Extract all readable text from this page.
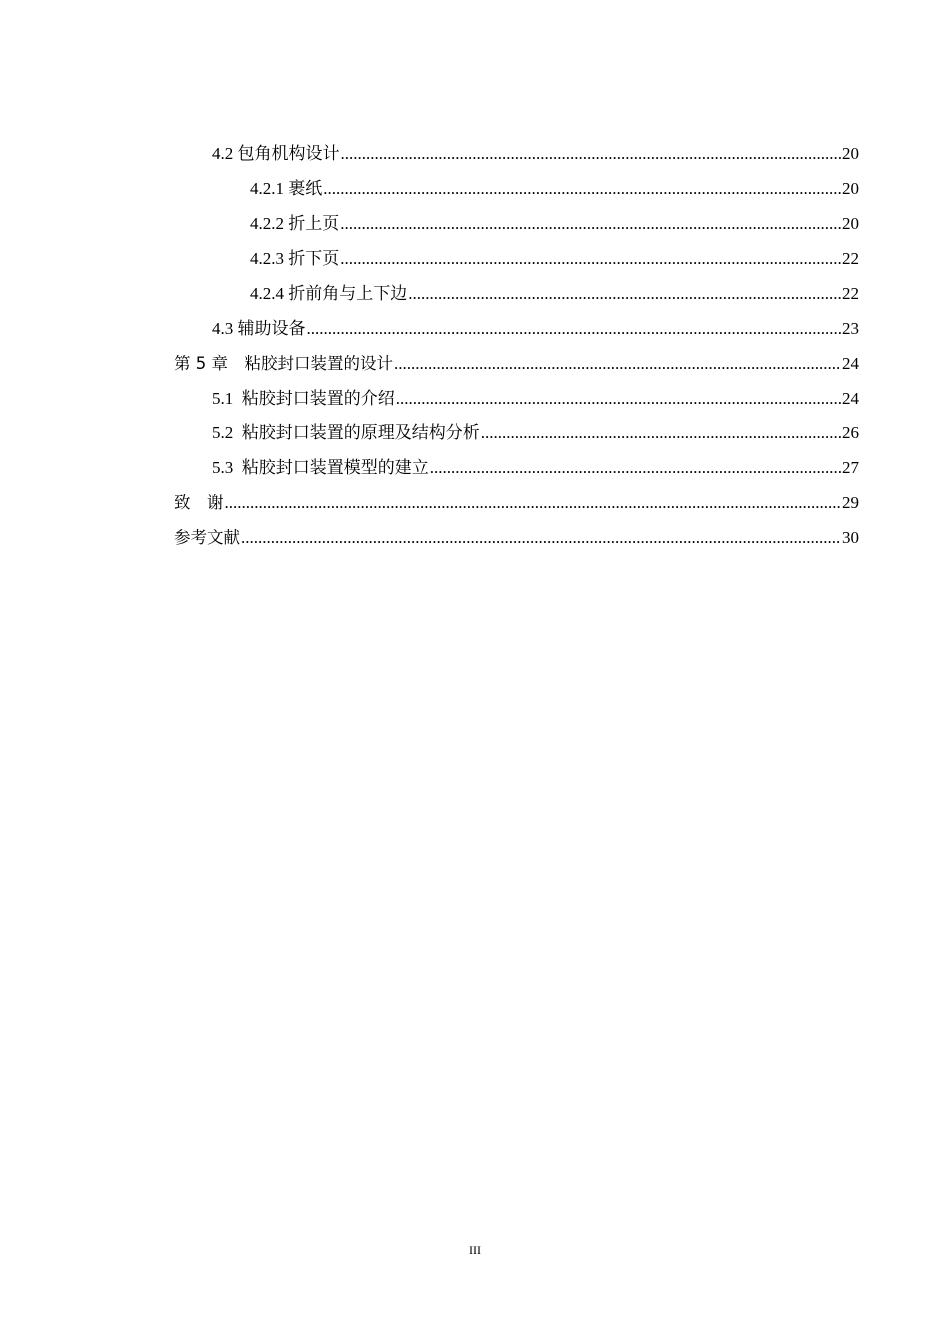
4.2 包角机构设计 .....	20
4.2.1 裹纸 .....	20
4.2.2 折上页 .....	20
4.2.3 折下页 .....	22
4.2.4 折前角与上下边 .....	22
4.3 辅助设备 .....	23
第 5 章　粘胶封口装置的设计 .....	24
5.1  粘胶封口装置的介绍 .....	24
5.2  粘胶封口装置的原理及结构分析 .....	26
5.3  粘胶封口装置模型的建立 .....	27
致　谢 .....	29
参考文献 .....	30
III
